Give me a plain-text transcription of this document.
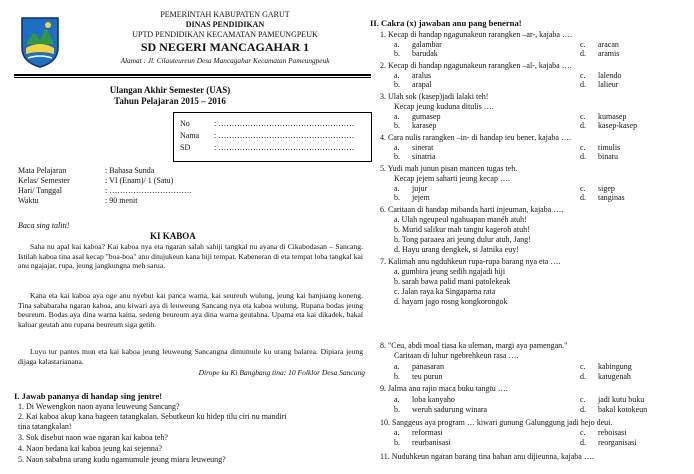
PEMERINTAH KABUPATEN GARUT
DINAS PENDIDIKAN
UPTD PENDIDIKAN KECAMATAN PAMEUNGPEUK
SD NEGERI MANCAGAHAR 1
Alamat : Jl. Cilauteureun Desa Mancagahar Kecamatan Pameungpeuk
Ulangan Akhir Semester (UAS)
Tahun Pelajaran 2015 – 2016
No	: ……………………………………………
Nama : ……………………………………………
SD	: ……………………………………………
Mata Pelajaran	: Bahasa Sunda
Kelas/ Semester	: VI (Enam)/ 1 (Satu)
Hari/ Tanggal	: ………………………….
Waktu	: 90 menit
Baca sing taliti!
KI KABOA
Saha nu apal kai kaboa? Kai kaboa nya eta ngaran salah sahiji tangkal nu ayana di Cikabodasan – Sancang. Istilah kaboa tina asal kecap "boa-boa" anu ditujukeun kana hiji tempat. Kabeneran di eta tempat loba tangkal kai anu ngajajar, rupa, jeung jangkungna meh sarua.
Kana eta kai kaboa aya oge anu nyebut kai panca warna, kai seureuh wulung, jeung kai hanjuang koneng. Tina sababaraha ngaran kaboa, anu kiwari aya di leuweung Sancang nya eta kaboa wulung. Rupana bodas jeung beureum. Bodas aya dina warna kaina, sedeng beureum aya dina warna geutahna. Upama eta kai dikadek, bakal kaluar geutah anu rupana beureum siga getih.
Luyu tur pantes mun eta kai kaboa jeung leuweung Sancangna dimumule ku urang balarea. Dipiara jeung dijaga kalastarianana.
Dirope ku Ki Bangbang tina: 10 Folklor Desa Sancang
I. Jawab pananya di handap sing jentre!
1. Di Wewengkon naon ayana leuweung Sancang?
2. Kai kaboa akup kana bageen tatangkalan. Sebutkeun ku hidep tilu ciri nu mandiri
tina tatangkalan!
3. Sok disebut naon wae ngaran kai kaboa teh?
4. Naon bedana kai kaboa jeung kai sejenna?
5. Naon sababna urang kudu ngamumule jeung miara leuweung?
II. Cakra (x) jawaban anu pang benerna!
1. Kecap di handap ngagunakeun rarangken –ar-, kajaba ….
a. galambar	c. aracan
b. barudak	d. aramis
2. Kecap di handap ngagunakeun rarangken –al-, kajaba ….
a. aralus	c. lalendo
b. arapal	d. lalieur
3. Ulah sok (kasep)jadi lalaki teh!
Kecap jeung kuduna ditulis ….
a. gumasep	c. kumasep
b. karasep	d. kasep-kasep
4. Cara nulis rarangken –in- di handap ieu bener, kajaba ….
a. sinerat	c. timulis
b. sinatria	d. binatu
5. Yudi mah junun pisan mancen tugas teh.
Kecap jejem saharti jeung kecap ….
a. jujur	c. sigep
b. jejem	d. tanginas
6. Caritaan di handap mibanda harti injeuman, kajaba ….
a. Ulah ngeupeul ngahuapan manéh atuh!
b. Murid salikur mah tangtu kageroh atuh!
b. Tong paraaea ari jeung dulur atuh, Jang!
d. Hayu urang dengkek, si Jatnika euy!
7. Kalimah anu ngduhkeun rupa-rupa barang nya eta ….
a. gumbira jeung sedih ngajadi hiji
b. sarah bawa palid mani patolekeak
c. Jalan raya ka Singaparna rata
d. hayam jago rosng kongkorongok
8. "Ceu, abdi moal tiasa ka uleman, margi aya pamengan."
Caritaan di luhur ngebrehkeun rasa ….
a. panasaran	c. kabingung
b. teu purun	d. katugenah
9. Jalma anu rajin maca buku tangtu ….
a. loba kanyaho	c. jadi kutu buku
b. weruh sadurung winara	d. bakal kotokeun
10. Sanggeus aya program … kiwari gunung Galunggung jadi hejo deui.
a. reformasi	c. reboisasi
b. reurbanisasi	d. reorganisasi
11. Nuduhkeun ngaran barang tina bahan anu dijieunna, kajaba ….
